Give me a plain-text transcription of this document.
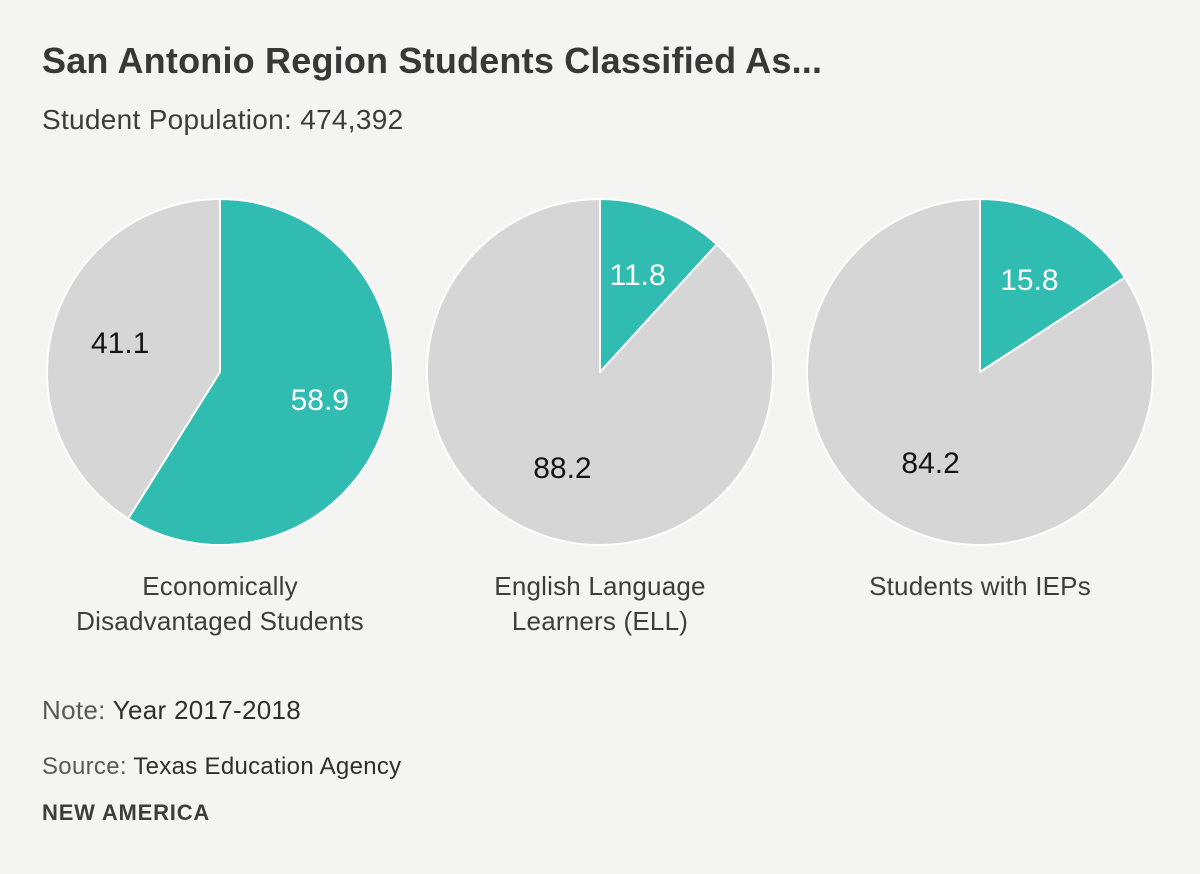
San Antonio Region Students Classified As...
Student Population: 474,392
58.9
41.1
Economically
Disadvantaged Students
11.8
88.2
English Language
Learners (ELL)
15.8
84.2
Students with IEPs
Note: Year 2017-2018
Source: Texas Education Agency
NEW AMERICA
